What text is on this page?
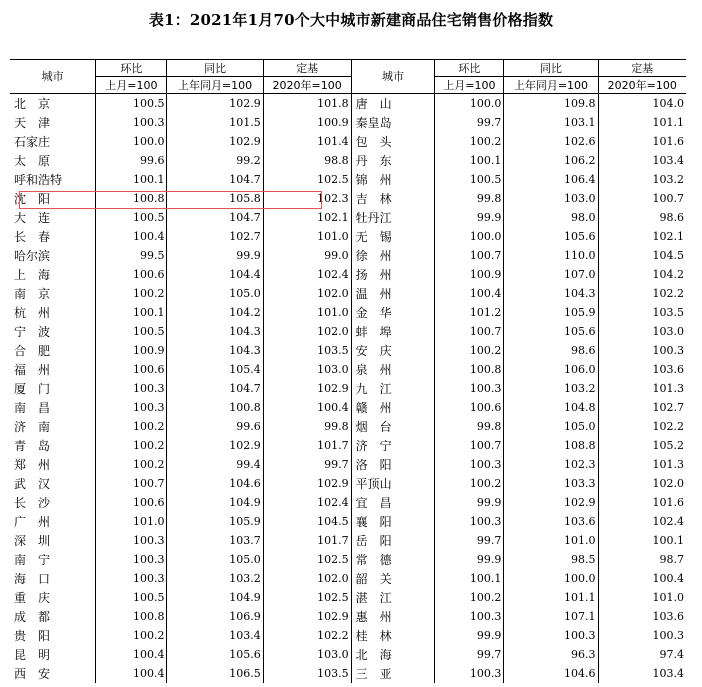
表1：2021年1月70个大中城市新建商品住宅销售价格指数
城市	环比	同比	定基	城市	环比	同比	定基
	上月=100	上年同月=100	2020年=100		上月=100	上年同月=100	2020年=100
北　京	100.5	102.9	101.8	唐　山	100.0	109.8	104.0
天　津	100.3	101.5	100.9	秦皇岛	99.7	103.1	101.1
石家庄	100.0	102.9	101.4	包　头	100.2	102.6	101.6
太　原	99.6	99.2	98.8	丹　东	100.1	106.2	103.4
呼和浩特	100.1	104.7	102.5	锦　州	100.5	106.4	103.2
沈　阳	100.8	105.8	102.3	吉　林	99.8	103.0	100.7
大　连	100.5	104.7	102.1	牡丹江	99.9	98.0	98.6
长　春	100.4	102.7	101.0	无　锡	100.0	105.6	102.1
哈尔滨	99.5	99.9	99.0	徐　州	100.7	110.0	104.5
上　海	100.6	104.4	102.4	扬　州	100.9	107.0	104.2
南　京	100.2	105.0	102.0	温　州	100.4	104.3	102.2
杭　州	100.1	104.2	101.0	金　华	101.2	105.9	103.5
宁　波	100.5	104.3	102.0	蚌　埠	100.7	105.6	103.0
合　肥	100.9	104.3	103.5	安　庆	100.2	98.6	100.3
福　州	100.6	105.4	103.0	泉　州	100.8	106.0	103.6
厦　门	100.3	104.7	102.9	九　江	100.3	103.2	101.3
南　昌	100.3	100.8	100.4	赣　州	100.6	104.8	102.7
济　南	100.2	99.6	99.8	烟　台	99.8	105.0	102.2
青　岛	100.2	102.9	101.7	济　宁	100.7	108.8	105.2
郑　州	100.2	99.4	99.7	洛　阳	100.3	102.3	101.3
武　汉	100.7	104.6	102.9	平顶山	100.2	103.3	102.0
长　沙	100.6	104.9	102.4	宜　昌	99.9	102.9	101.6
广　州	101.0	105.9	104.5	襄　阳	100.3	103.6	102.4
深　圳	100.3	103.7	101.7	岳　阳	99.7	101.0	100.1
南　宁	100.3	105.0	102.5	常　德	99.9	98.5	98.7
海　口	100.3	103.2	102.0	韶　关	100.1	100.0	100.4
重　庆	100.5	104.9	102.5	湛　江	100.2	101.1	101.0
成　都	100.8	106.9	102.9	惠　州	100.3	107.1	103.6
贵　阳	100.2	103.4	102.2	桂　林	99.9	100.3	100.3
昆　明	100.4	105.6	103.0	北　海	99.7	96.3	97.4
西　安	100.4	106.5	103.5	三　亚	100.3	104.6	103.4
